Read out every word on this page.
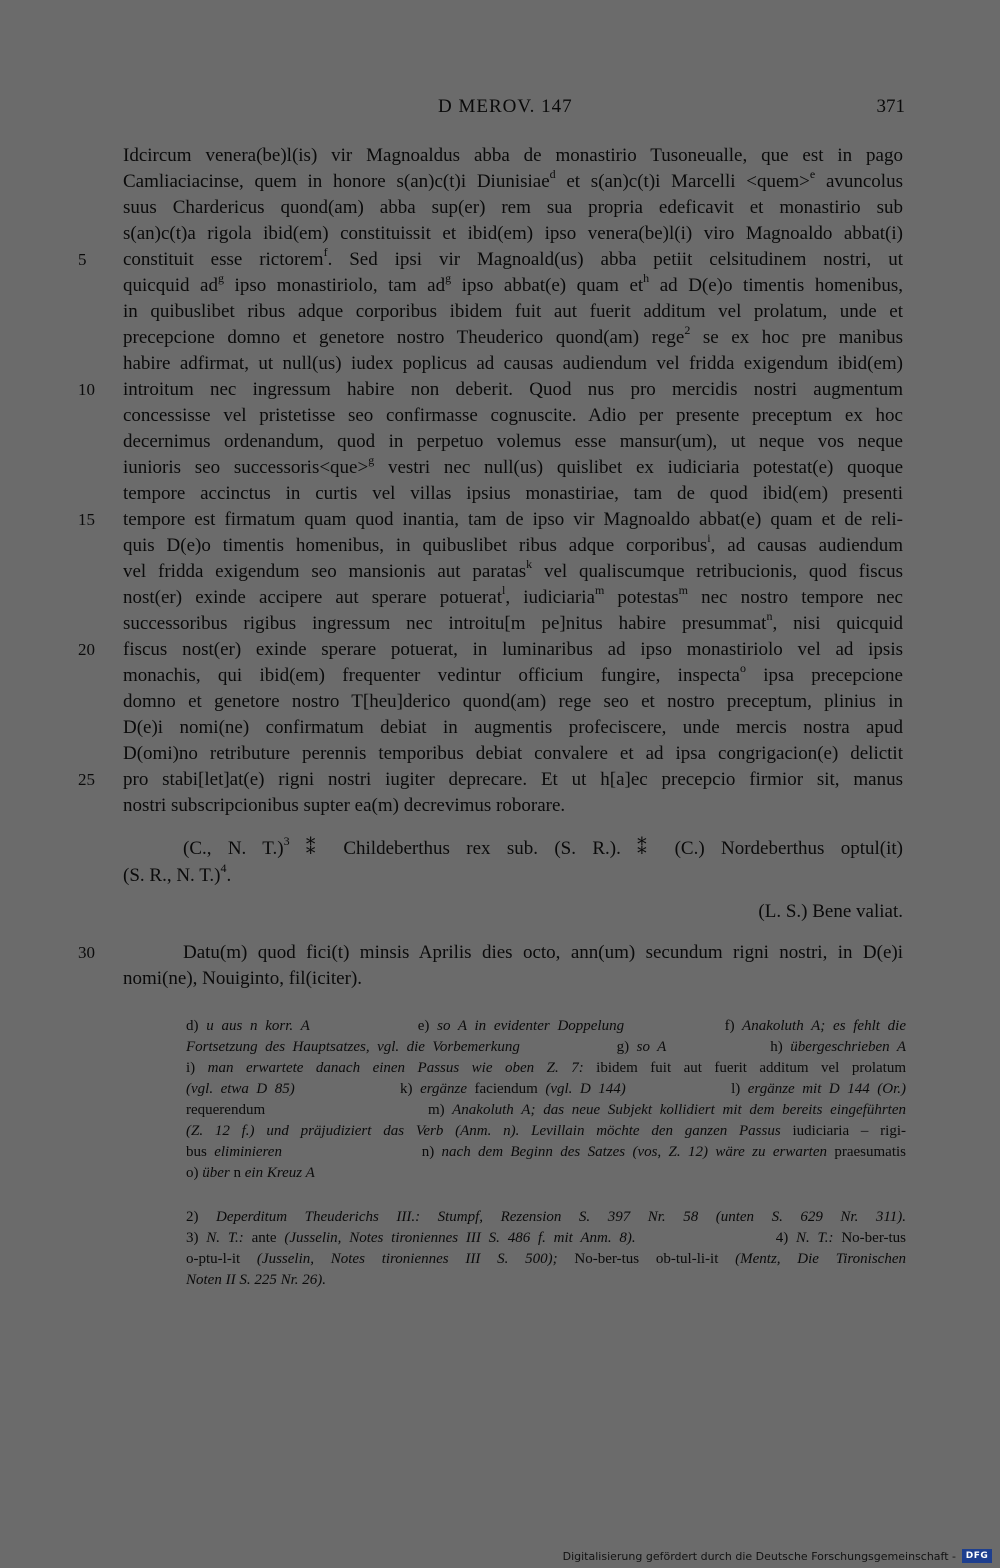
D MEROV. 147	371
Idcircum venera(be)l(is) vir Magnoaldus abba de monastirio Tusoneualle, que est in pago
Camliaciacinse, quem in honore s(an)c(t)i Diunisiae$^d$ et s(an)c(t)i Marcelli <quem>$^e$ avuncolus
suus Chardericus quond(am) abba sup(er) rem sua propria edeficavit et monastirio sub
s(an)c(t)a rigola ibid(em) constituissit et ibid(em) ipso venera(be)l(i) viro Magnoaldo abbat(i)
constituit esse rictorem$^f$. Sed ipsi vir Magnoald(us) abba petiit celsitudinem nostri, ut
5
quicquid $ad^g$ ipso monastiriolo, tam $ad^g$ ipso abbat(e) quam $et^h$ ad D(e)o timentis homenibus,
in quibuslibet ribus adque corporibus ibidem fuit aut fuerit additum vel prolatum, unde et
precepcione domno et genetore nostro Theuderico quond(am) rege$^2$ se ex hoc pre manibus
habire adfirmat, ut null(us) iudex poplicus ad causas audiendum vel fridda exigendum ibid(em)
introitum nec ingressum habire non deberit. Quod nus pro mercidis nostri augmentum
10
concessisse vel pristetisse seo confirmasse cognuscite. Adio per presente preceptum ex hoc
decernimus ordenandum, quod in perpetuo volemus esse mansur(um), ut neque vos neque
iunioris seo successoris<que>$^g$ vestri nec null(us) quislibet ex iudiciaria potestat(e) quoque
tempore accinctus in curtis vel villas ipsius monastiriae, tam de quod ibid(em) presenti
tempore est firmatum quam quod inantia, tam de ipso vir Magnoaldo abbat(e) quam et de reli-
15
quis D(e)o timentis homenibus, in quibuslibet ribus adque corporibus$^i$, ad causas audiendum
vel fridda exigendum seo mansionis aut paratas$^k$ vel qualiscumque retribucionis, quod fiscus
nost(er) exinde accipere aut sperare potuerat$^l$, iudiciaria$^m$ potestas$^m$ nec nostro tempore nec
successoribus rigibus ingressum nec introitu[m pe]nitus habire presummat$^n$, nisi quicquid
fiscus nost(er) exinde sperare potuerat, in luminaribus ad ipso monastiriolo vel ad ipsis
20
monachis, qui ibid(em) frequenter vedintur officium fungire, inspecta$^o$ ipsa precepcione
domno et genetore nostro T[heu]derico quond(am) rege seo et nostro preceptum, plinius in
D(e)i nomi(ne) confirmatum debiat in augmentis profeciscere, unde mercis nostra apud
D(omi)no retributure perennis temporibus debiat convalere et ad ipsa congrigacion(e) delictit
pro stabi[let]at(e) rigni nostri iugiter deprecare. Et ut h[a]ec precepcio firmior sit, manus
25
nostri subscripcionibus supter ea(m) decrevimus roborare.
(C., N. T.)$^3$ ⁑ Childeberthus rex sub. (S. R.). ⁑ (C.) Nordeberthus optul(it)
(S. R., N. T.)$^4$.
(L. S.) Bene valiat.
Datu(m) quod fici(t) minsis Aprilis dies octo, ann(um) secundum rigni nostri, in D(e)i
30
nomi(ne), Nouiginto, fil(iciter).
d) u aus n korr. A              e) so A in evidenter Doppelung             f) Anakoluth A; es fehlt die
Fortsetzung des Hauptsatzes, vgl. die Vorbemerkung             g) so A              h) übergeschrieben A
i) man erwartete danach einen Passus wie oben Z. 7: ibidem fuit aut fuerit additum vel prolatum
(vgl. etwa D 85)              k) ergänze faciendum (vgl. D 144)              l) ergänze mit D 144 (Or.)
requerendum	m) Anakoluth A; das neue Subjekt kollidiert mit dem bereits eingeführten
(Z. 12 f.) und präjudiziert das Verb (Anm. n). Levillain möchte den ganzen Passus iudiciaria – rigi-
bus eliminieren                   n) nach dem Beginn des Satzes (vos, Z. 12) wäre zu erwarten praesumatis
o) über n ein Kreuz A
2) Deperditum Theuderichs III.: Stumpf, Rezension S. 397 Nr. 58 (unten S. 629 Nr. 311).
3) N. T.: ante (Jusselin, Notes tironiennes III S. 486 f. mit Anm. 8).                  4) N. T.: No-ber-tus
o-ptu-l-it (Jusselin, Notes tironiennes III S. 500); No-ber-tus ob-tul-li-it (Mentz, Die Tironischen
Noten II S. 225 Nr. 26).
Digitalisierung gefördert durch die Deutsche Forschungsgemeinschaft -	DFG
